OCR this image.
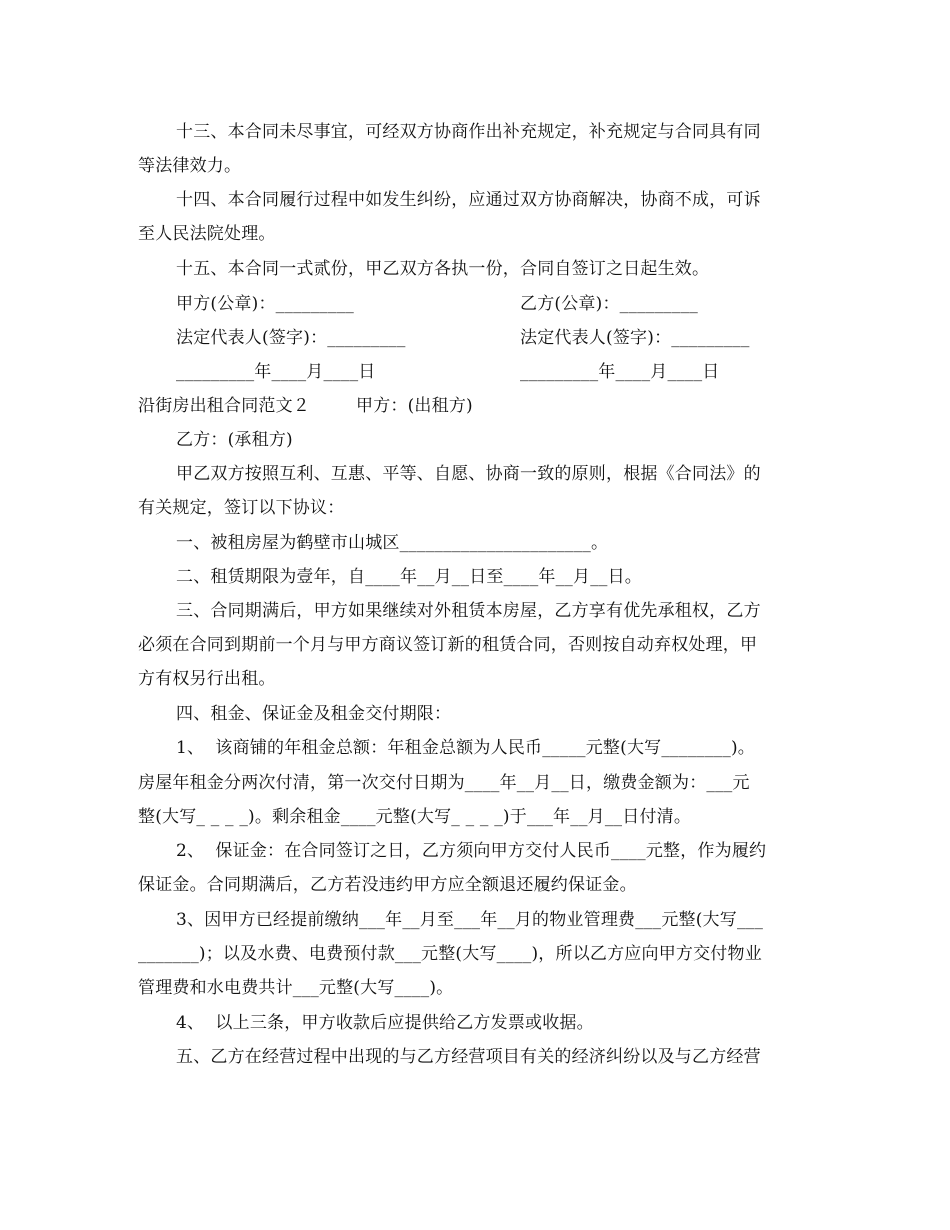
十三、本合同未尽事宜，可经双方协商作出补充规定，补充规定与合同具有同
等法律效力。
十四、本合同履行过程中如发生纠纷，应通过双方协商解决，协商不成，可诉
至人民法院处理。
十五、本合同一式贰份，甲乙双方各执一份，合同自签订之日起生效。
甲方(公章)：_________	乙方(公章)：_________
法定代表人(签字)：_________	法定代表人(签字)：_________
_________年____月____日	_________年____月____日
沿街房出租合同范文２	甲方：(出租方)
乙方：(承租方)
甲乙双方按照互利、互惠、平等、自愿、协商一致的原则，根据《合同法》的
有关规定，签订以下协议：
一、被租房屋为鹤壁市山城区______________________。
二、租赁期限为壹年，自____年__月__日至____年__月__日。
三、合同期满后，甲方如果继续对外租赁本房屋，乙方享有优先承租权，乙方
必须在合同到期前一个月与甲方商议签订新的租赁合同，否则按自动弃权处理，甲
方有权另行出租。
四、租金、保证金及租金交付期限：
1、  该商铺的年租金总额：年租金总额为人民币_____元整(大写________)。
房屋年租金分两次付清，第一次交付日期为____年__月__日，缴费金额为：___元
整(大写_ _ _ _)。剩余租金____元整(大写_ _ _ _)于___年__月__日付清。
2、  保证金：在合同签订之日，乙方须向甲方交付人民币____元整，作为履约
保证金。合同期满后，乙方若没违约甲方应全额退还履约保证金。
3、因甲方已经提前缴纳___年__月至___年__月的物业管理费___元整(大写___
_______)；以及水费、电费预付款___元整(大写____)，所以乙方应向甲方交付物业
管理费和水电费共计___元整(大写____)。
4、  以上三条，甲方收款后应提供给乙方发票或收据。
五、乙方在经营过程中出现的与乙方经营项目有关的经济纠纷以及与乙方经营
